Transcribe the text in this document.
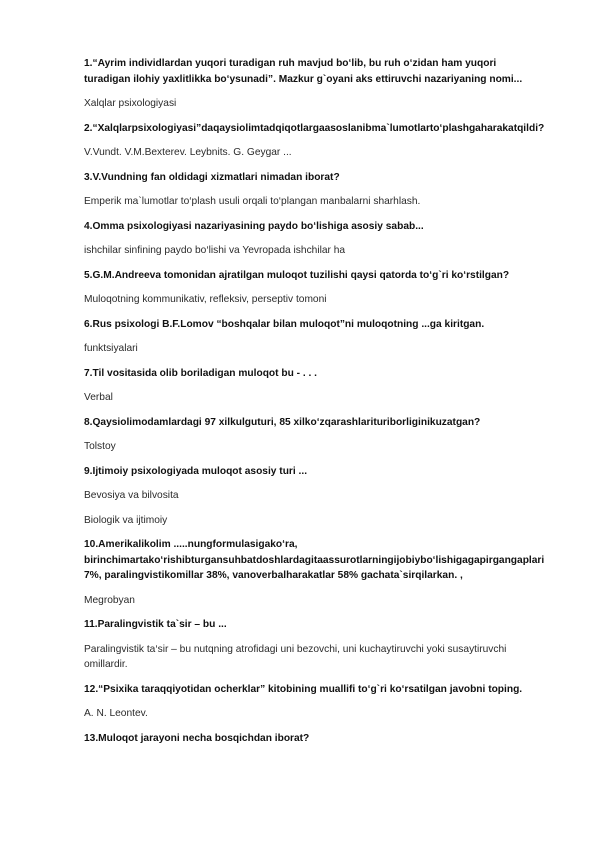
1.“Ayrim individlardan yuqori turadigan ruh mavjud bo‘lib, bu ruh o‘zidan ham yuqori turadigan ilohiy yaxlitlikka bo‘ysunadi”. Mazkur g`oyani aks ettiruvchi nazariyaning nomi...

Xalqlar psixologiyasi

2.“Xalqlarpsixologiyasi”daqaysiolimtadqiqotlargaasoslanibma`lumotlarto‘plashgaharakatqildi?

V.Vundt. V.M.Bexterev. Leybnits. G. Geygar ...

3.V.Vundning fan oldidagi xizmatlari nimadan iborat?

Emperik ma`lumotlar to‘plash usuli orqali to‘plangan manbalarni sharhlash.

4.Omma psixologiyasi nazariyasining paydo bo‘lishiga asosiy sabab...

ishchilar sinfining paydo bo‘lishi va Yevropada ishchilar ha

5.G.M.Andreeva tomonidan ajratilgan muloqot tuzilishi qaysi qatorda to‘g`ri ko‘rstilgan?

Muloqotning kommunikativ, refleksiv, perseptiv tomoni

6.Rus psixologi B.F.Lomov “boshqalar bilan muloqot”ni muloqotning ...ga kiritgan.

funktsiyalari

7.Til vositasida olib boriladigan muloqot bu - . . .

Verbal

8.Qaysiolimodamlardagi 97 xilkulguturi, 85 xilko‘zqarashlarituriborliginikuzatgan?

Tolstoy

9.Ijtimoiy psixologiyada muloqot asosiy turi ...

Bevosiya va bilvosita

Biologik va ijtimoiy

10.Amerikalikolim .....nungformulasigako‘ra, birinchimartako‘rishibturgansuhbatdoshlardagitaassurotlarningijobiybo‘lishigagapirgangaplari 7%, paralingvistikomillar 38%, vanoverbalharakatlar 58% gachata`sirqilarkan. ,

Megrobyan

11.Paralingvistik ta`sir – bu ...

Paralingvistik ta‘sir – bu nutqning atrofidagi uni bezovchi, uni kuchaytiruvchi yoki susaytiruvchi omillardir.

12.“Psixika taraqqiyotidan ocherklar” kitobining muallifi to‘g`ri ko‘rsatilgan javobni toping.

A. N. Leontev.

13.Muloqot jarayoni necha bosqichdan iborat?
